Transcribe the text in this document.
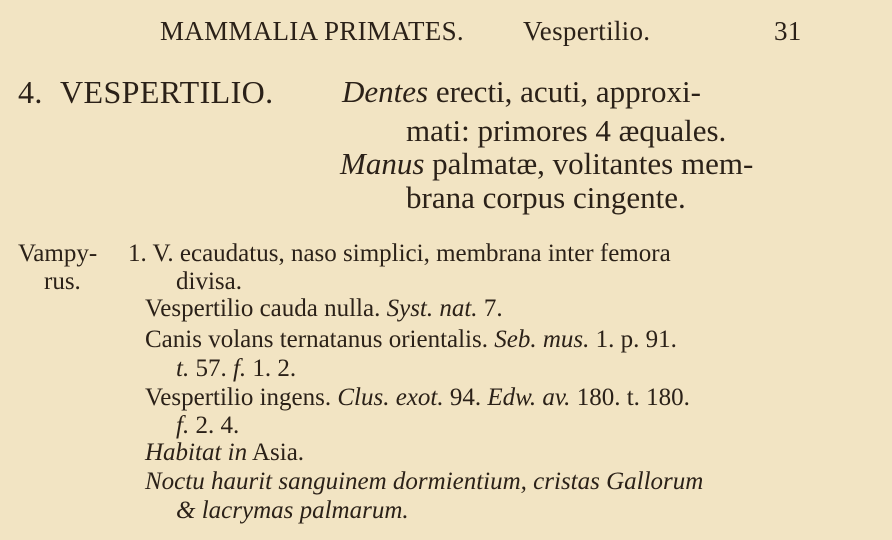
MAMMALIA PRIMATES. Vespertilio.	31
4. VESPERTILIO. Dentes erecti, acuti, approxi-
mati: primores 4 æquales.
Manus palmatæ, volitantes mem-
brana corpus cingente.
Vampy-
rus.
1. V. ecaudatus, naso simplici, membrana inter femora
divisa.
Vespertilio cauda nulla. Syst. nat. 7.
Canis volans ternatanus orientalis. Seb. mus. 1. p. 91.
t. 57. f. 1. 2.
Vespertilio ingens. Clus. exot. 94. Edw. av. 180. t. 180.
f. 2. 4.
Habitat in Asia.
Noctu haurit sanguinem dormientium, cristas Gallorum
& lacrymas palmarum.
